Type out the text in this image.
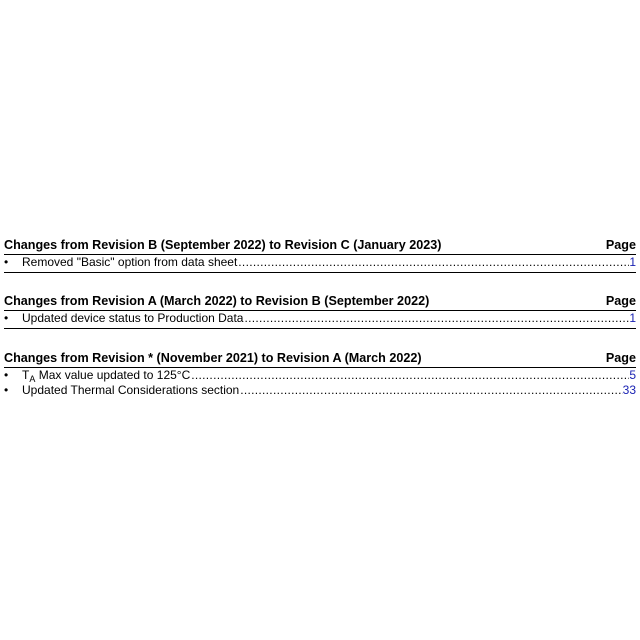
Changes from Revision B (September 2022) to Revision C (January 2023)	Page
•	Removed "Basic" option from data sheet .....	1
Changes from Revision A (March 2022) to Revision B (September 2022)	Page
•	Updated device status to Production Data .....	1
Changes from Revision * (November 2021) to Revision A (March 2022)	Page
•	$T_A$ Max value updated to 125°C .....	5
•	Updated Thermal Considerations section .....	33
